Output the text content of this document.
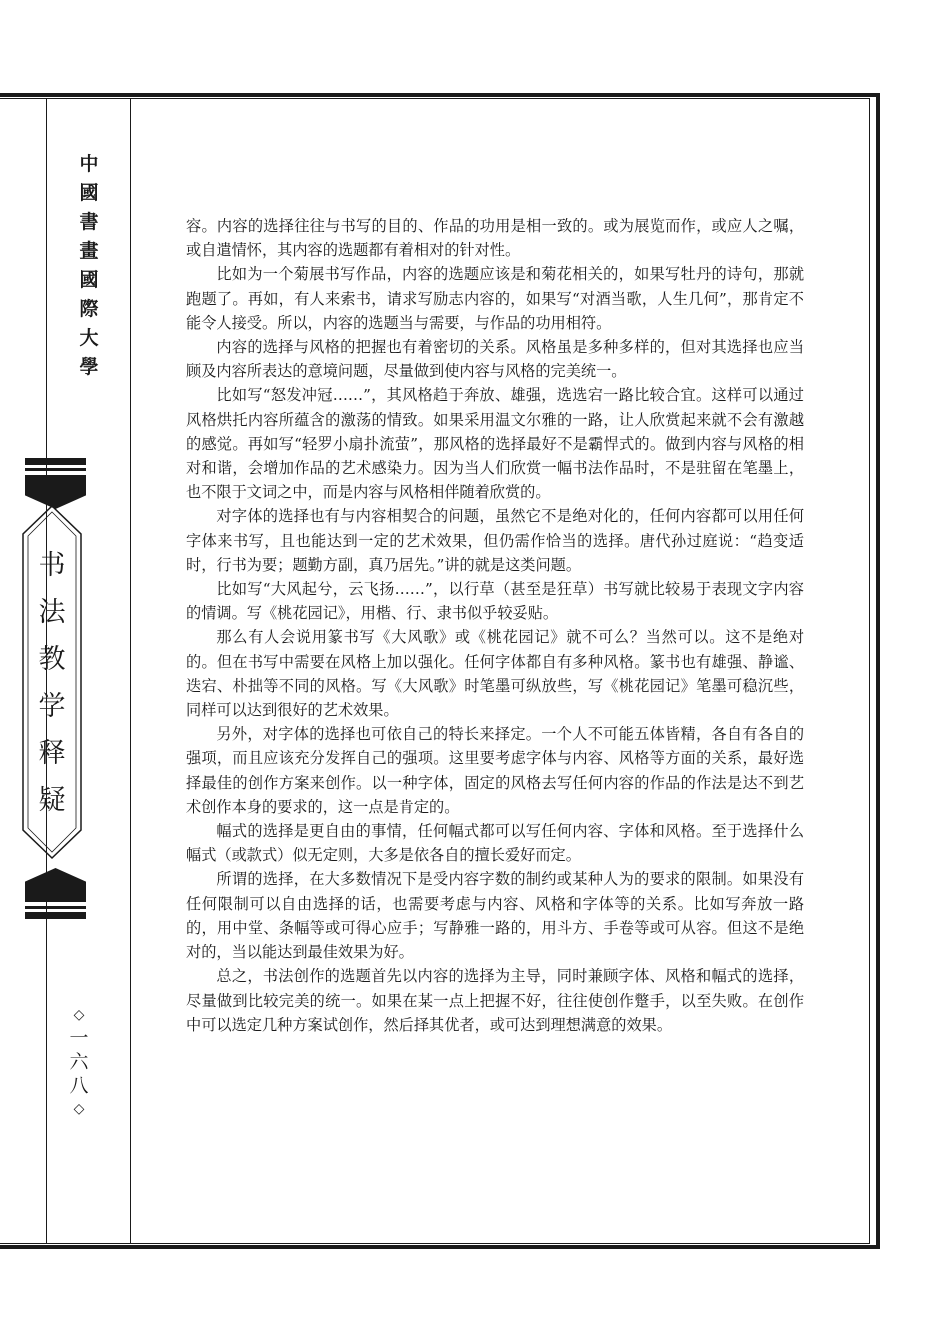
中
國
書
畫
國
際
大
學
书
法
教
学
释
疑
◇
一
六
八
◇

容。内容的选择往往与书写的目的、作品的功用是相一致的。或为展览而作，或应人之嘱，或自遣情怀，其内容的选题都有着相对的针对性。

比如为一个菊展书写作品，内容的选题应该是和菊花相关的，如果写牡丹的诗句，那就跑题了。再如，有人来索书，请求写励志内容的，如果写“对酒当歌，人生几何”，那肯定不能令人接受。所以，内容的选题当与需要，与作品的功用相符。

内容的选择与风格的把握也有着密切的关系。风格虽是多种多样的，但对其选择也应当顾及内容所表达的意境问题，尽量做到使内容与风格的完美统一。

比如写“怒发冲冠……”，其风格趋于奔放、雄强，选选宕一路比较合宜。这样可以通过风格烘托内容所蕴含的激荡的情致。如果采用温文尔雅的一路，让人欣赏起来就不会有激越的感觉。再如写“轻罗小扇扑流萤”，那风格的选择最好不是霸悍式的。做到内容与风格的相对和谐，会增加作品的艺术感染力。因为当人们欣赏一幅书法作品时，不是驻留在笔墨上，也不限于文词之中，而是内容与风格相伴随着欣赏的。

对字体的选择也有与内容相契合的问题，虽然它不是绝对化的，任何内容都可以用任何字体来书写，且也能达到一定的艺术效果，但仍需作恰当的选择。唐代孙过庭说：“趋变适时，行书为要；题勤方副，真乃居先。”讲的就是这类问题。

比如写“大风起兮，云飞扬……”，以行草（甚至是狂草）书写就比较易于表现文字内容的情调。写《桃花园记》，用楷、行、隶书似乎较妥贴。

那么有人会说用篆书写《大风歌》或《桃花园记》就不可么？当然可以。这不是绝对的。但在书写中需要在风格上加以强化。任何字体都自有多种风格。篆书也有雄强、静谧、迭宕、朴拙等不同的风格。写《大风歌》时笔墨可纵放些，写《桃花园记》笔墨可稳沉些，同样可以达到很好的艺术效果。

另外，对字体的选择也可依自己的特长来择定。一个人不可能五体皆精，各自有各自的强项，而且应该充分发挥自己的强项。这里要考虑字体与内容、风格等方面的关系，最好选择最佳的创作方案来创作。以一种字体，固定的风格去写任何内容的作品的作法是达不到艺术创作本身的要求的，这一点是肯定的。

幅式的选择是更自由的事情，任何幅式都可以写任何内容、字体和风格。至于选择什么幅式（或款式）似无定则，大多是依各自的擅长爱好而定。

所谓的选择，在大多数情况下是受内容字数的制约或某种人为的要求的限制。如果没有任何限制可以自由选择的话，也需要考虑与内容、风格和字体等的关系。比如写奔放一路的，用中堂、条幅等或可得心应手；写静雅一路的，用斗方、手卷等或可从容。但这不是绝对的，当以能达到最佳效果为好。

总之，书法创作的选题首先以内容的选择为主导，同时兼顾字体、风格和幅式的选择，尽量做到比较完美的统一。如果在某一点上把握不好，往往使创作蹩手，以至失败。在创作中可以选定几种方案试创作，然后择其优者，或可达到理想满意的效果。
